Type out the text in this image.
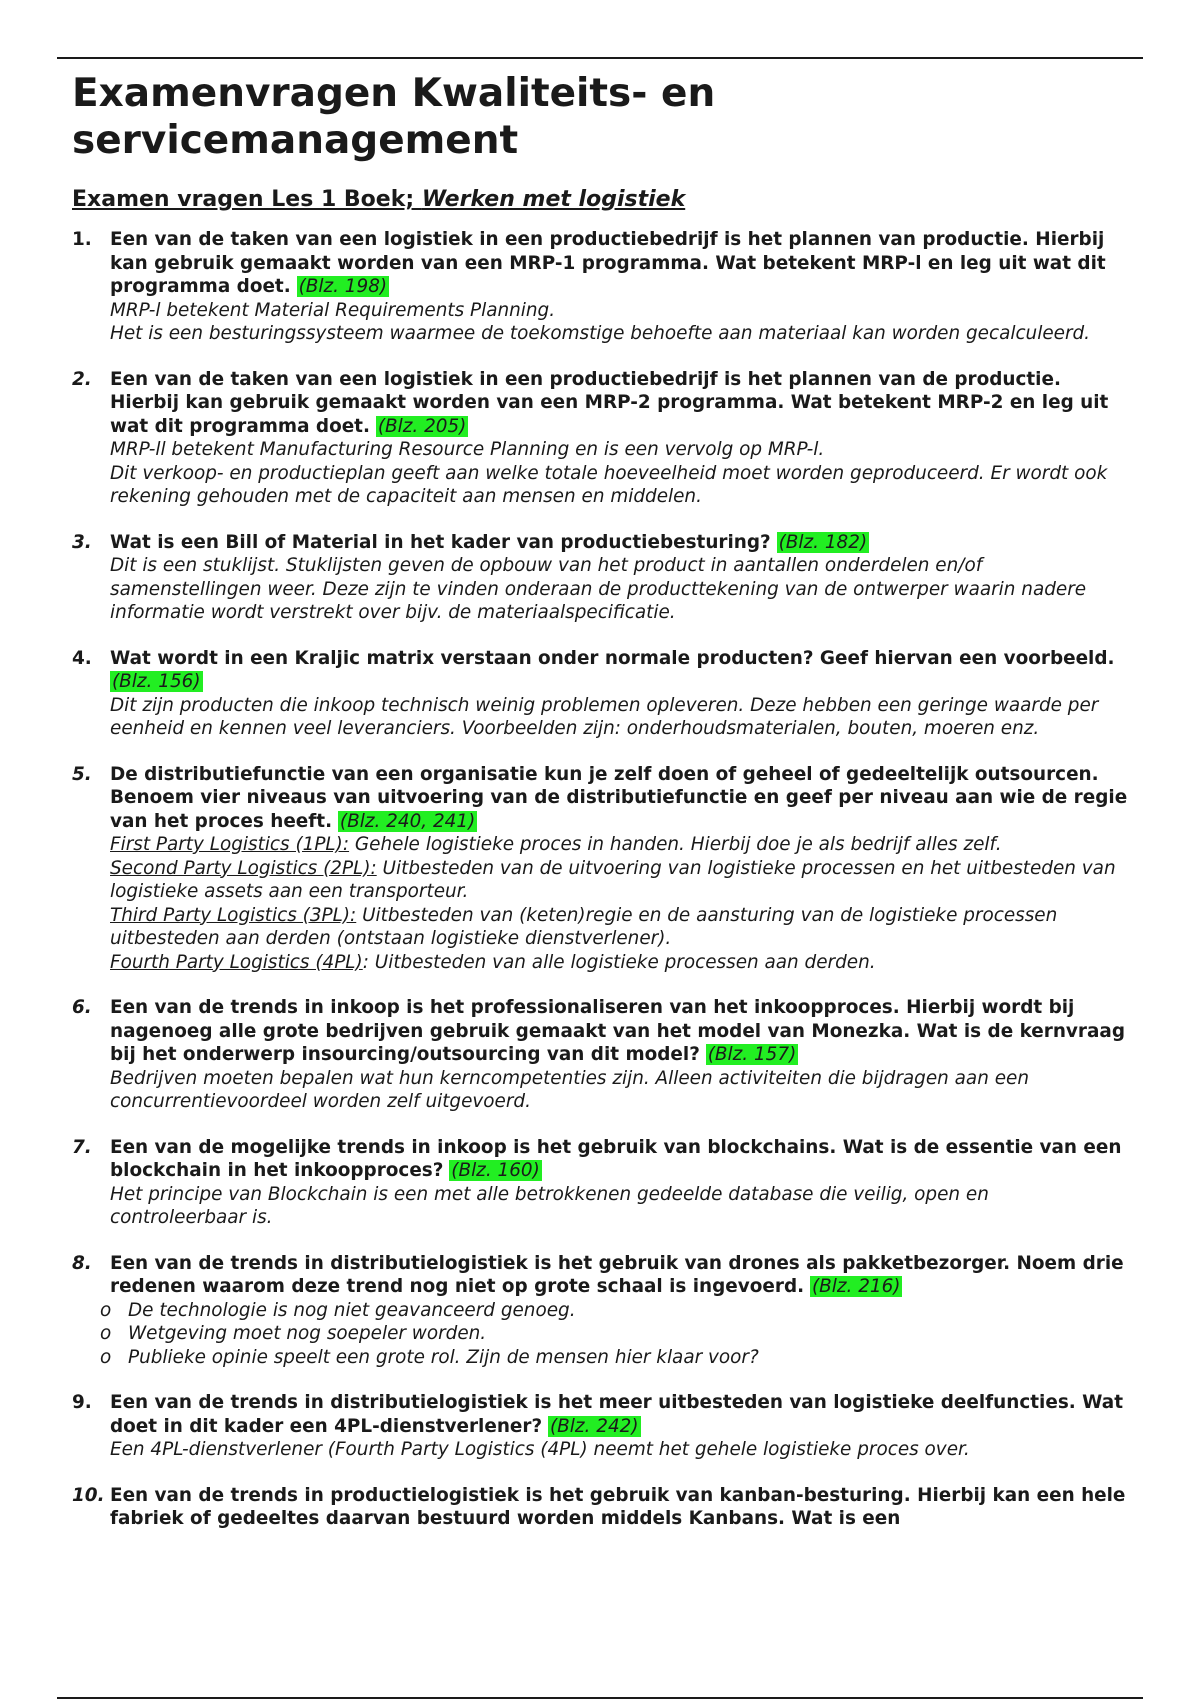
Examenvragen Kwaliteits- en servicemanagement
Examen vragen Les 1 Boek; Werken met logistiek
1. Een van de taken van een logistiek in een productiebedrijf is het plannen van productie. Hierbij kan gebruik gemaakt worden van een MRP-1 programma. Wat betekent MRP-l en leg uit wat dit programma doet. (Blz. 198)
MRP-l betekent Material Requirements Planning.
Het is een besturingssysteem waarmee de toekomstige behoefte aan materiaal kan worden gecalculeerd.
2. Een van de taken van een logistiek in een productiebedrijf is het plannen van de productie. Hierbij kan gebruik gemaakt worden van een MRP-2 programma. Wat betekent MRP-2 en leg uit wat dit programma doet. (Blz. 205)
MRP-ll betekent Manufacturing Resource Planning en is een vervolg op MRP-l.
Dit verkoop- en productieplan geeft aan welke totale hoeveelheid moet worden geproduceerd. Er wordt ook rekening gehouden met de capaciteit aan mensen en middelen.
3. Wat is een Bill of Material in het kader van productiebesturing? (Blz. 182)
Dit is een stuklijst. Stuklijsten geven de opbouw van het product in aantallen onderdelen en/of samenstellingen weer. Deze zijn te vinden onderaan de producttekening van de ontwerper waarin nadere informatie wordt verstrekt over bijv. de materiaalspecificatie.
4. Wat wordt in een Kraljic matrix verstaan onder normale producten? Geef hiervan een voorbeeld. (Blz. 156)
Dit zijn producten die inkoop technisch weinig problemen opleveren. Deze hebben een geringe waarde per eenheid en kennen veel leveranciers. Voorbeelden zijn: onderhoudsmaterialen, bouten, moeren enz.
5. De distributiefunctie van een organisatie kun je zelf doen of geheel of gedeeltelijk outsourcen. Benoem vier niveaus van uitvoering van de distributiefunctie en geef per niveau aan wie de regie van het proces heeft. (Blz. 240, 241)
First Party Logistics (1PL): Gehele logistieke proces in handen. Hierbij doe je als bedrijf alles zelf.
Second Party Logistics (2PL): Uitbesteden van de uitvoering van logistieke processen en het uitbesteden van logistieke assets aan een transporteur.
Third Party Logistics (3PL): Uitbesteden van (keten)regie en de aansturing van de logistieke processen uitbesteden aan derden (ontstaan logistieke dienstverlener).
Fourth Party Logistics (4PL): Uitbesteden van alle logistieke processen aan derden.
6. Een van de trends in inkoop is het professionaliseren van het inkoopproces. Hierbij wordt bij nagenoeg alle grote bedrijven gebruik gemaakt van het model van Monezka. Wat is de kernvraag bij het onderwerp insourcing/outsourcing van dit model? (Blz. 157)
Bedrijven moeten bepalen wat hun kerncompetenties zijn. Alleen activiteiten die bijdragen aan een concurrentievoordeel worden zelf uitgevoerd.
7. Een van de mogelijke trends in inkoop is het gebruik van blockchains. Wat is de essentie van een blockchain in het inkoopproces? (Blz. 160)
Het principe van Blockchain is een met alle betrokkenen gedeelde database die veilig, open en controleerbaar is.
8. Een van de trends in distributielogistiek is het gebruik van drones als pakketbezorger. Noem drie redenen waarom deze trend nog niet op grote schaal is ingevoerd. (Blz. 216)
o De technologie is nog niet geavanceerd genoeg.
o Wetgeving moet nog soepeler worden.
o Publieke opinie speelt een grote rol. Zijn de mensen hier klaar voor?
9. Een van de trends in distributielogistiek is het meer uitbesteden van logistieke deelfuncties. Wat doet in dit kader een 4PL-dienstverlener? (Blz. 242)
Een 4PL-dienstverlener (Fourth Party Logistics (4PL) neemt het gehele logistieke proces over.
10. Een van de trends in productielogistiek is het gebruik van kanban-besturing. Hierbij kan een hele fabriek of gedeeltes daarvan bestuurd worden middels Kanbans. Wat is een
